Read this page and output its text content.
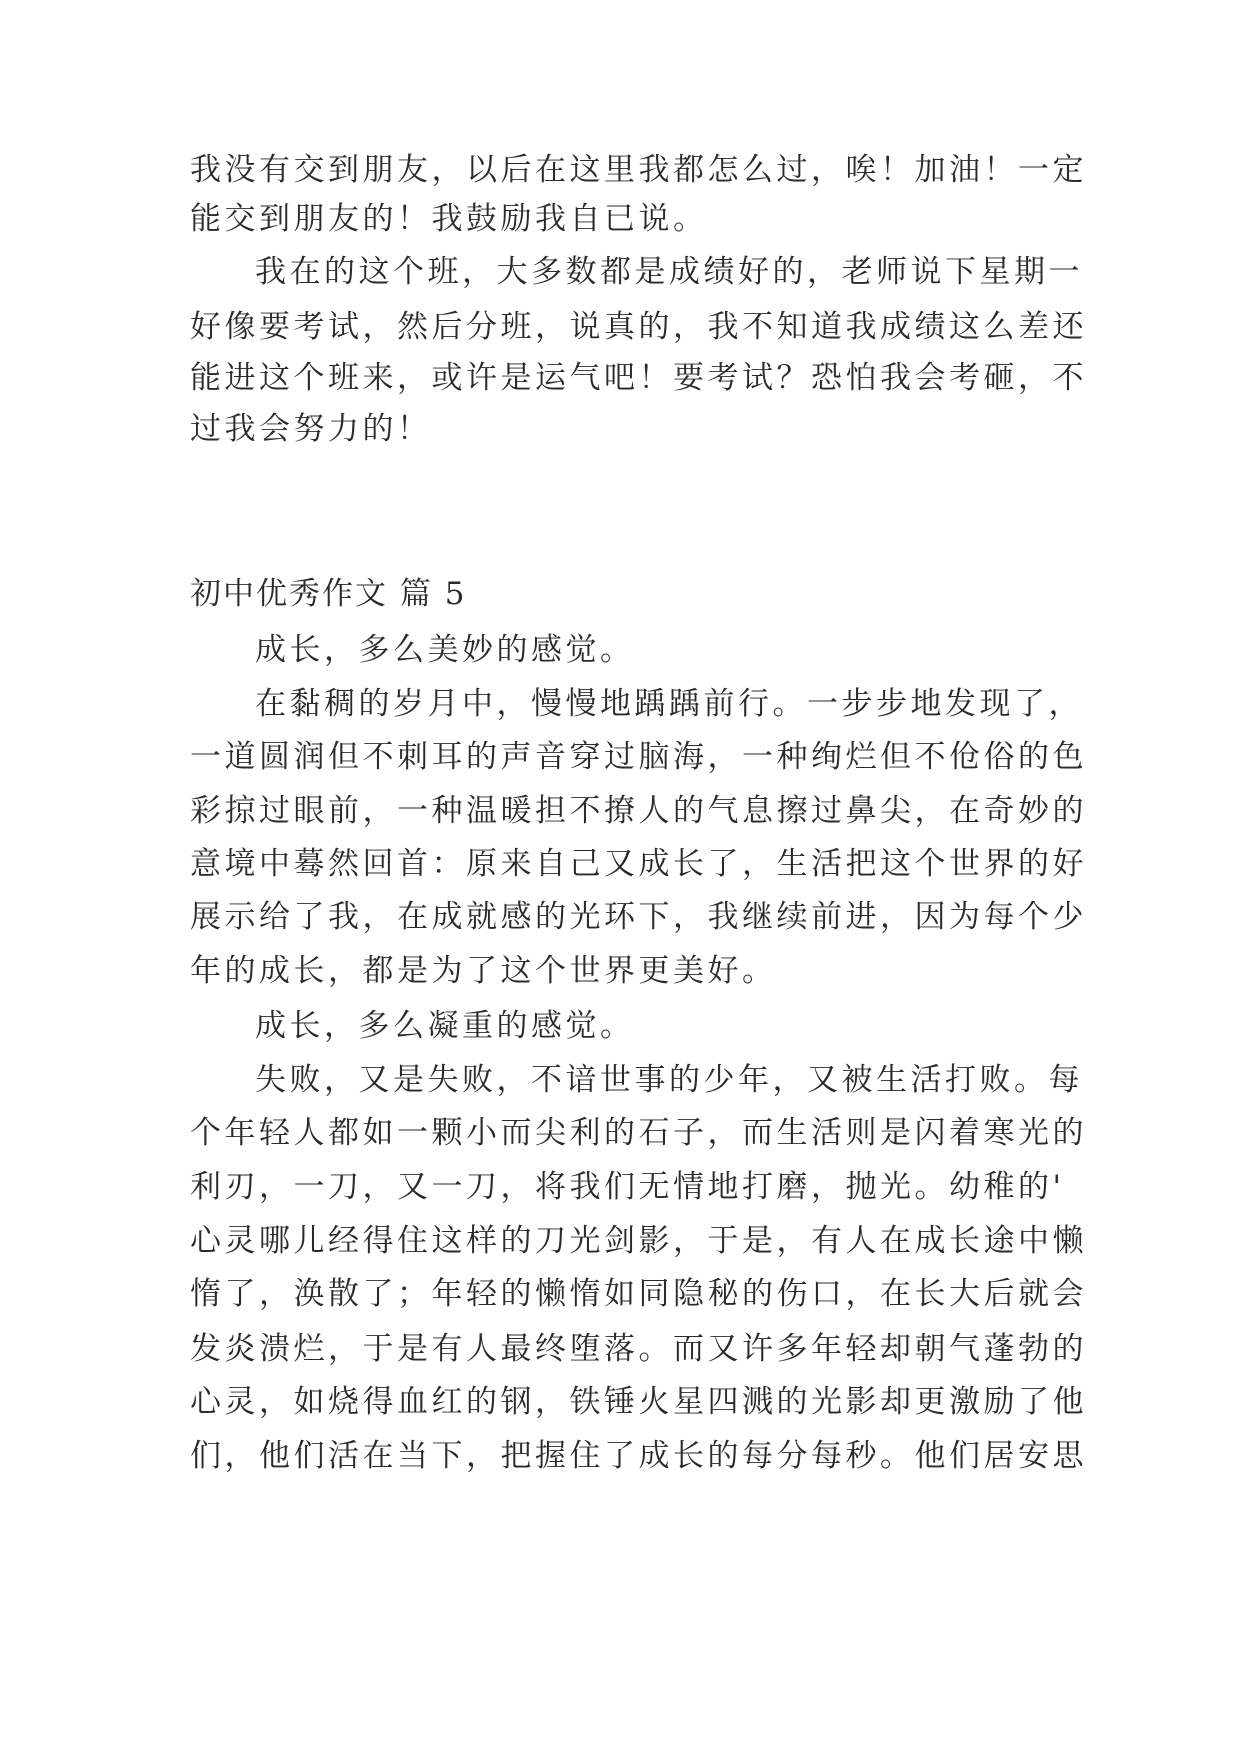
我没有交到朋友，以后在这里我都怎么过，唉！加油！一定
能交到朋友的！我鼓励我自已说。
我在的这个班，大多数都是成绩好的，老师说下星期一
好像要考试，然后分班，说真的，我不知道我成绩这么差还
能进这个班来，或许是运气吧！要考试？恐怕我会考砸，不
过我会努力的！
初中优秀作文 篇 5
成长，多么美妙的感觉。
在黏稠的岁月中，慢慢地踽踽前行。一步步地发现了，
一道圆润但不刺耳的声音穿过脑海，一种绚烂但不伧俗的色
彩掠过眼前，一种温暖担不撩人的气息擦过鼻尖，在奇妙的
意境中蓦然回首：原来自己又成长了，生活把这个世界的好
展示给了我，在成就感的光环下，我继续前进，因为每个少
年的成长，都是为了这个世界更美好。
成长，多么凝重的感觉。
失败，又是失败，不谙世事的少年，又被生活打败。每
个年轻人都如一颗小而尖利的石子，而生活则是闪着寒光的
利刃，一刀，又一刀，将我们无情地打磨，抛光。幼稚的'
心灵哪儿经得住这样的刀光剑影，于是，有人在成长途中懒
惰了，涣散了；年轻的懒惰如同隐秘的伤口，在长大后就会
发炎溃烂，于是有人最终堕落。而又许多年轻却朝气蓬勃的
心灵，如烧得血红的钢，铁锤火星四溅的光影却更激励了他
们，他们活在当下，把握住了成长的每分每秒。他们居安思
